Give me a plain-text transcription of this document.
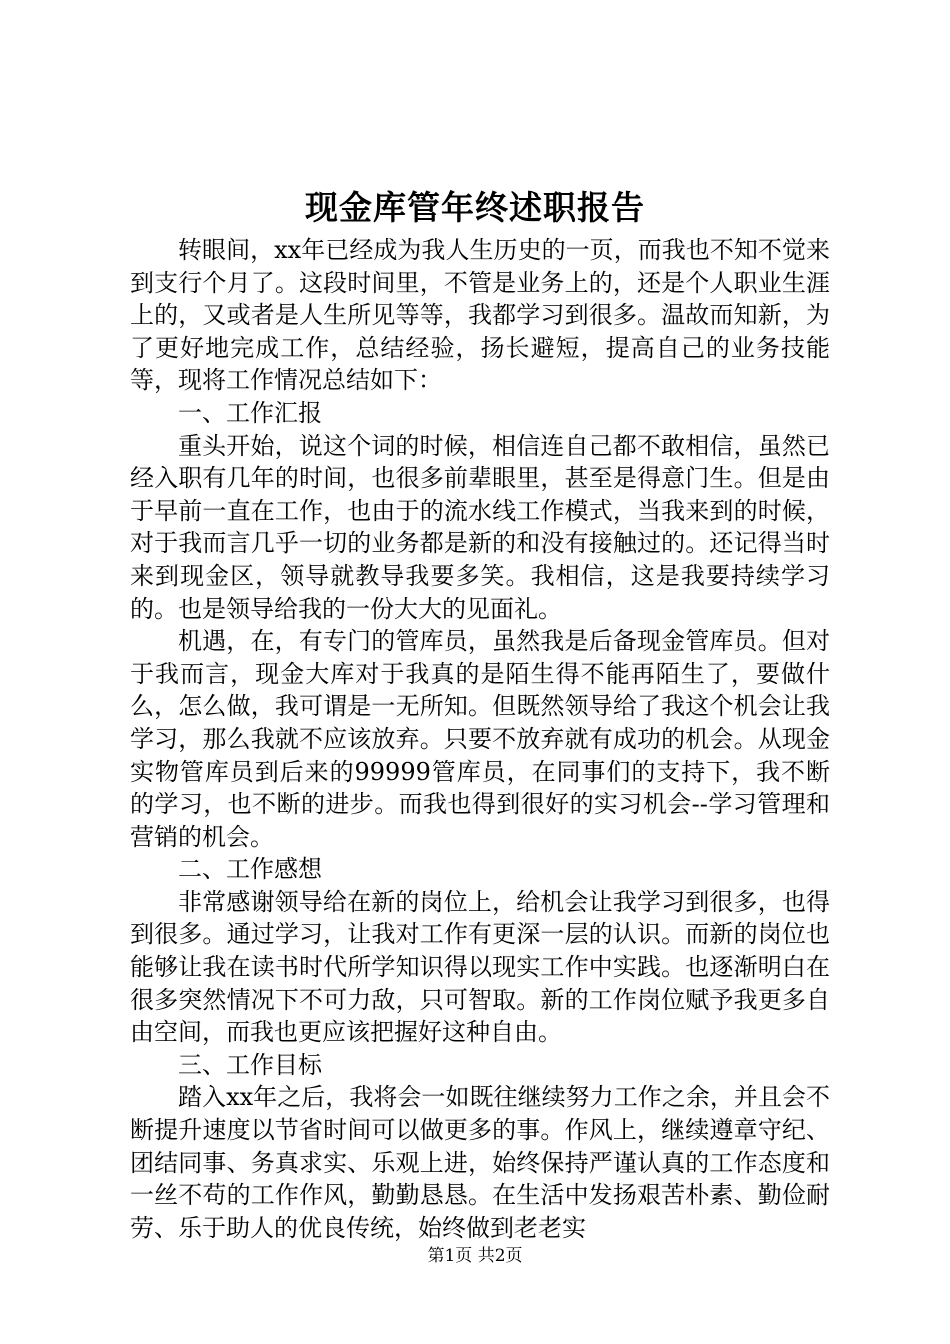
现金库管年终述职报告

转眼间，xx年已经成为我人生历史的一页，而我也不知不觉来到支行个月了。这段时间里，不管是业务上的，还是个人职业生涯上的，又或者是人生所见等等，我都学习到很多。温故而知新，为了更好地完成工作，总结经验，扬长避短，提高自己的业务技能等，现将工作情况总结如下：

一、工作汇报

重头开始，说这个词的时候，相信连自己都不敢相信，虽然已经入职有几年的时间，也很多前辈眼里，甚至是得意门生。但是由于早前一直在工作，也由于的流水线工作模式，当我来到的时候，对于我而言几乎一切的业务都是新的和没有接触过的。还记得当时来到现金区，领导就教导我要多笑。我相信，这是我要持续学习的。也是领导给我的一份大大的见面礼。

机遇，在，有专门的管库员，虽然我是后备现金管库员。但对于我而言，现金大库对于我真的是陌生得不能再陌生了，要做什么，怎么做，我可谓是一无所知。但既然领导给了我这个机会让我学习，那么我就不应该放弃。只要不放弃就有成功的机会。从现金实物管库员到后来的99999管库员，在同事们的支持下，我不断的学习，也不断的进步。而我也得到很好的实习机会--学习管理和营销的机会。

二、工作感想

非常感谢领导给在新的岗位上，给机会让我学习到很多，也得到很多。通过学习，让我对工作有更深一层的认识。而新的岗位也能够让我在读书时代所学知识得以现实工作中实践。也逐渐明白在很多突然情况下不可力敌，只可智取。新的工作岗位赋予我更多自由空间，而我也更应该把握好这种自由。

三、工作目标

踏入xx年之后，我将会一如既往继续努力工作之余，并且会不断提升速度以节省时间可以做更多的事。作风上，继续遵章守纪、团结同事、务真求实、乐观上进，始终保持严谨认真的工作态度和一丝不苟的工作作风，勤勤恳恳。在生活中发扬艰苦朴素、勤俭耐劳、乐于助人的优良传统，始终做到老老实

第1页 共2页
